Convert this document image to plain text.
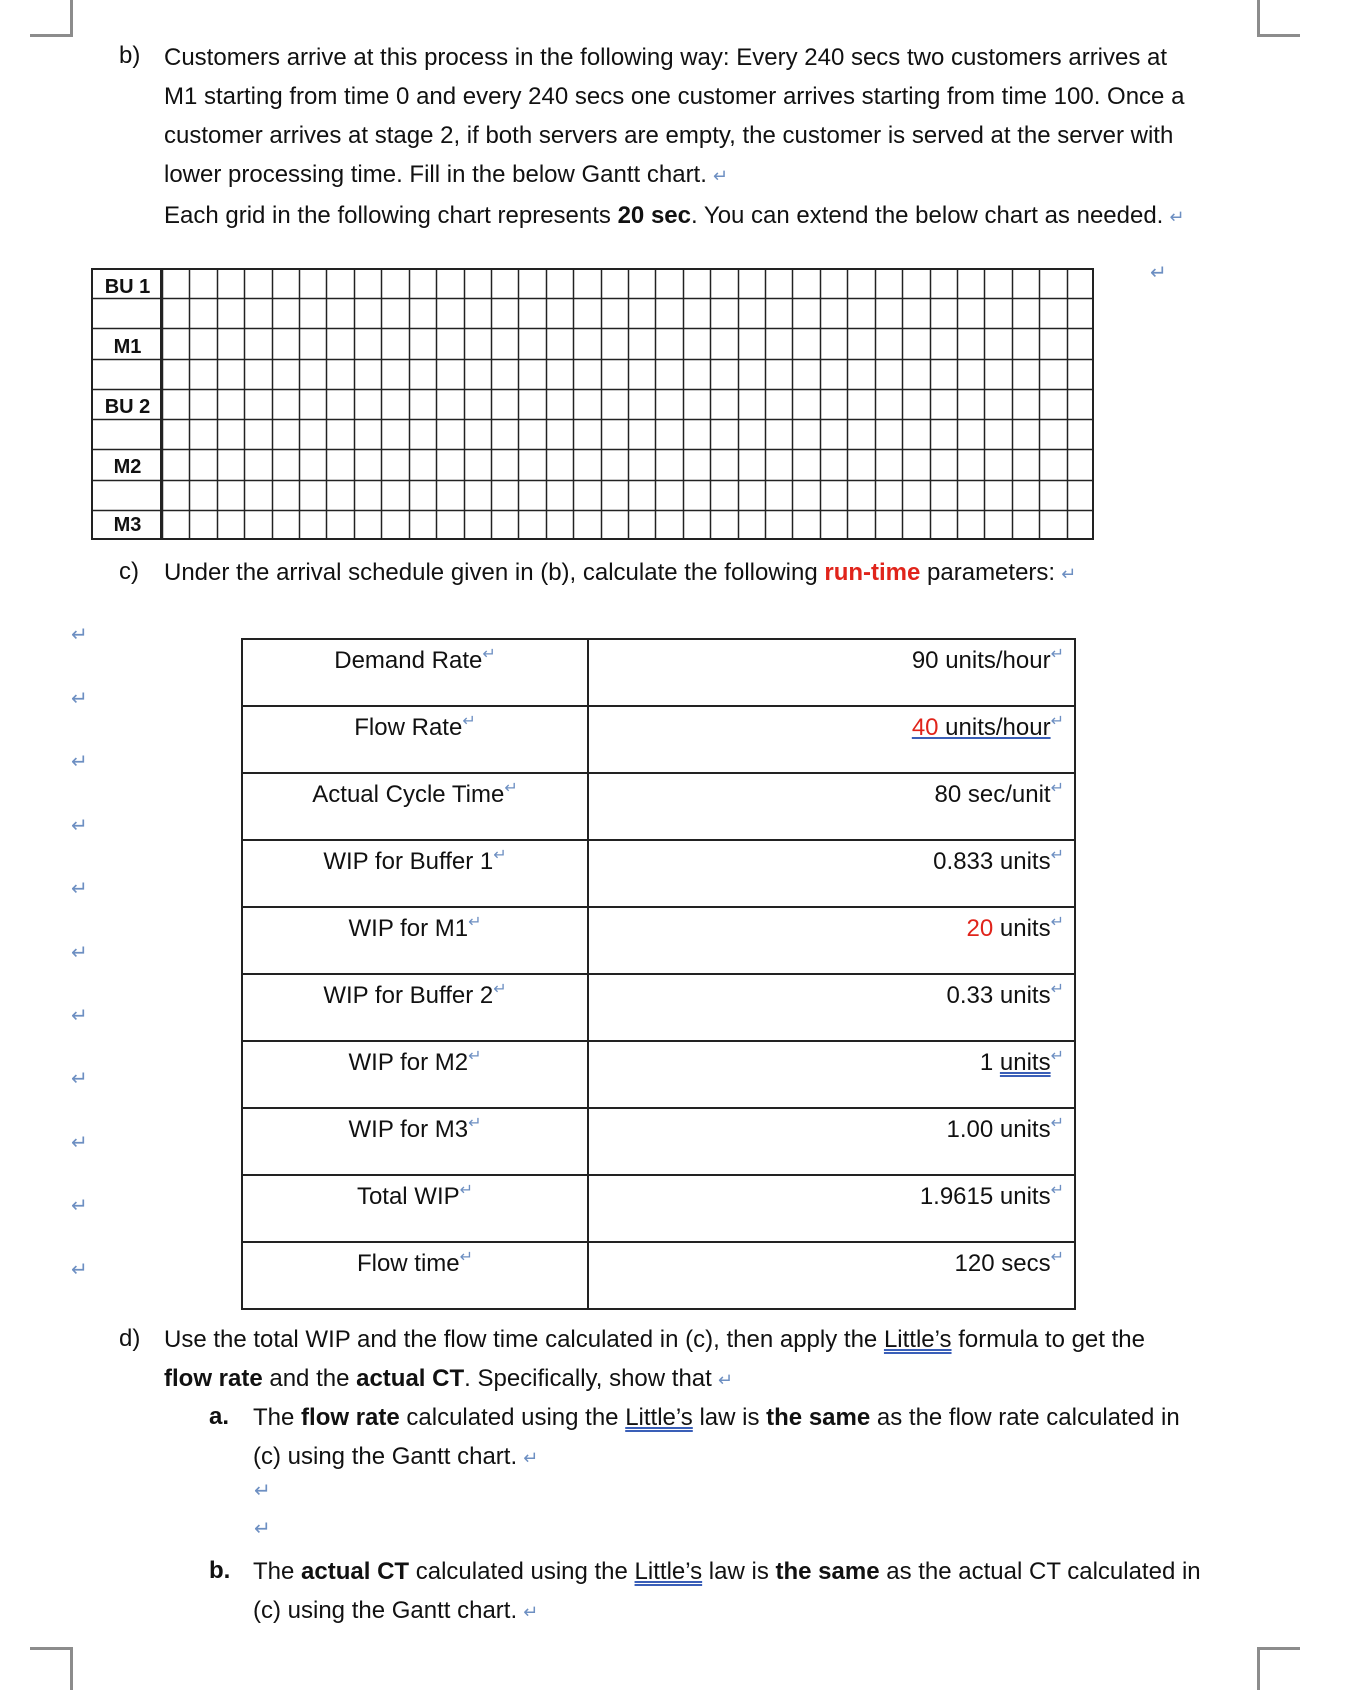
b) Customers arrive at this process in the following way: Every 240 secs two customers arrives at
M1 starting from time 0 and every 240 secs one customer arrives starting from time 100. Once a
customer arrives at stage 2, if both servers are empty, the customer is served at the server with
lower processing time. Fill in the below Gantt chart. ↵
Each grid in the following chart represents 20 sec. You can extend the below chart as needed. ↵
↵
BU 1
M1
BU 2
M2
M3
c) Under the arrival schedule given in (b), calculate the following run-time parameters: ↵
↵
↵
↵
↵
↵
↵
↵
↵
↵
↵
↵
Demand Rate↵	90 units/hour↵
Flow Rate↵	40 units/hour↵
Actual Cycle Time↵	80 sec/unit↵
WIP for Buffer 1↵	0.833 units↵
WIP for M1↵	20 units↵
WIP for Buffer 2↵	0.33 units↵
WIP for M2↵	1 units↵
WIP for M3↵	1.00 units↵
Total WIP↵	1.9615 units↵
Flow time↵	120 secs↵
d) Use the total WIP and the flow time calculated in (c), then apply the Little’s formula to get the
flow rate and the actual CT. Specifically, show that ↵
a. The flow rate calculated using the Little’s law is the same as the flow rate calculated in
(c) using the Gantt chart. ↵
↵
↵
b. The actual CT calculated using the Little’s law is the same as the actual CT calculated in
(c) using the Gantt chart. ↵
